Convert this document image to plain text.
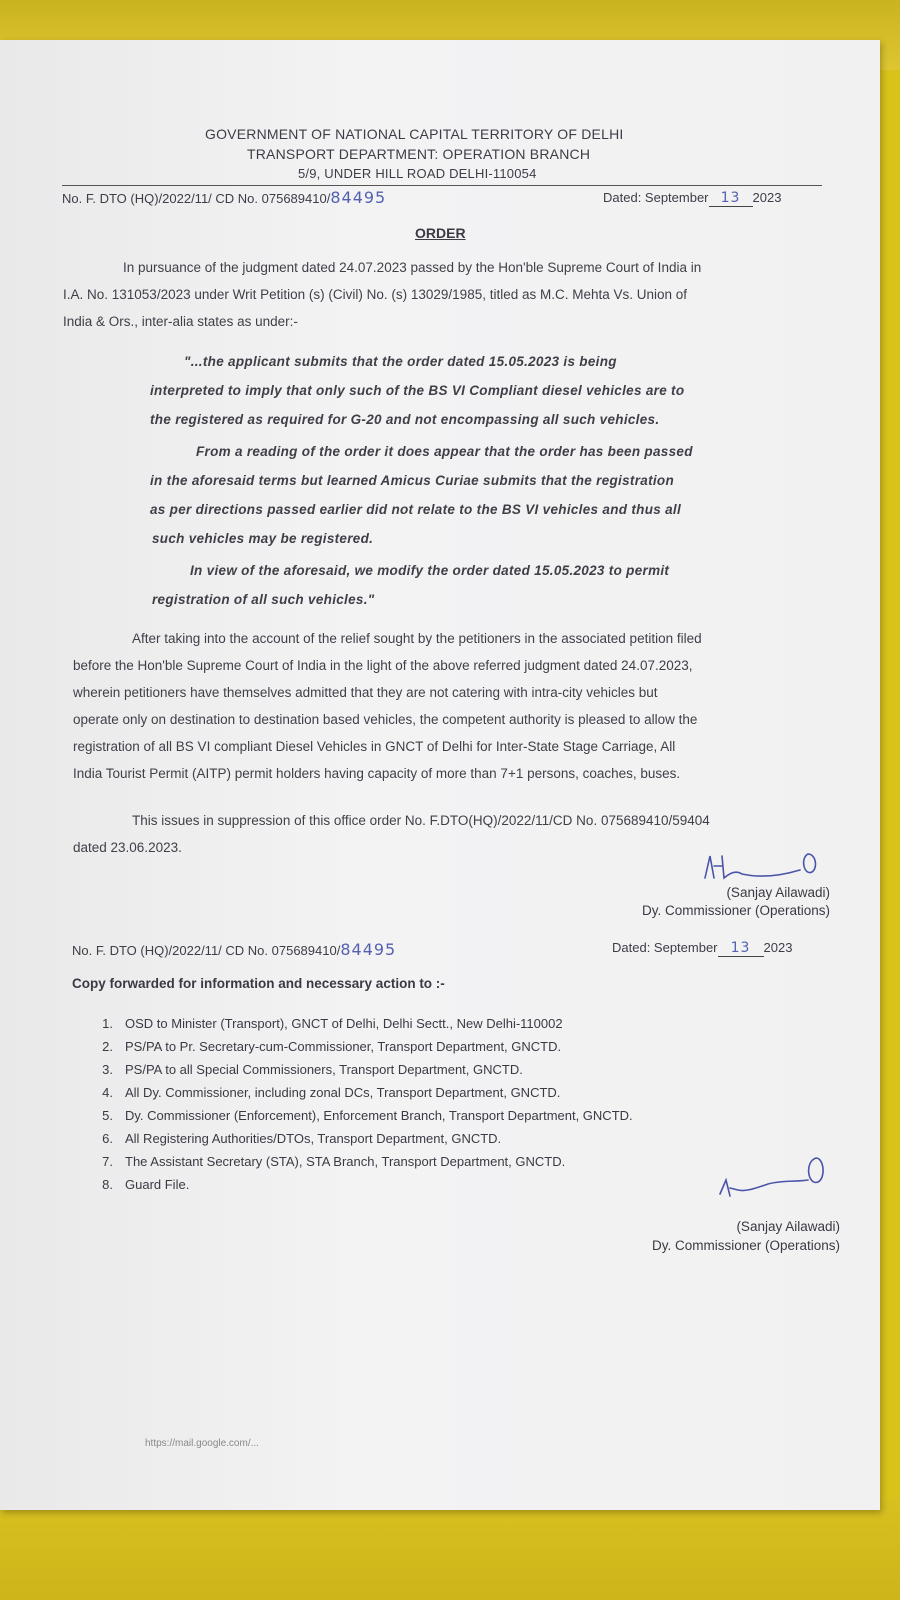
GOVERNMENT OF NATIONAL CAPITAL TERRITORY OF DELHI
TRANSPORT DEPARTMENT: OPERATION BRANCH
5/9, UNDER HILL ROAD DELHI-110054
No. F. DTO (HQ)/2022/11/ CD No. 075689410/84495	Dated: September 13 2023
ORDER
In pursuance of the judgment dated 24.07.2023 passed by the Hon'ble Supreme Court of India in
I.A. No. 131053/2023 under Writ Petition (s) (Civil) No. (s) 13029/1985, titled as M.C. Mehta Vs. Union of
India & Ors., inter-alia states as under:-
"...the applicant submits that the order dated 15.05.2023 is being
interpreted to imply that only such of the BS VI Compliant diesel vehicles are to
the registered as required for G-20 and not encompassing all such vehicles.
From a reading of the order it does appear that the order has been passed
in the aforesaid terms but learned Amicus Curiae submits that the registration
as per directions passed earlier did not relate to the BS VI vehicles and thus all
such vehicles may be registered.
In view of the aforesaid, we modify the order dated 15.05.2023 to permit
registration of all such vehicles."
After taking into the account of the relief sought by the petitioners in the associated petition filed
before the Hon'ble Supreme Court of India in the light of the above referred judgment dated 24.07.2023,
wherein petitioners have themselves admitted that they are not catering with intra-city vehicles but
operate only on destination to destination based vehicles, the competent authority is pleased to allow the
registration of all BS VI compliant Diesel Vehicles in GNCT of Delhi for Inter-State Stage Carriage, All
India Tourist Permit (AITP) permit holders having capacity of more than 7+1 persons, coaches, buses.
This issues in suppression of this office order No. F.DTO(HQ)/2022/11/CD No. 075689410/59404
dated 23.06.2023.
(Sanjay Ailawadi)
Dy. Commissioner (Operations)
No. F. DTO (HQ)/2022/11/ CD No. 075689410/84495	Dated: September 13 2023
Copy forwarded for information and necessary action to :-
1. OSD to Minister (Transport), GNCT of Delhi, Delhi Sectt., New Delhi-110002
2. PS/PA to Pr. Secretary-cum-Commissioner, Transport Department, GNCTD.
3. PS/PA to all Special Commissioners, Transport Department, GNCTD.
4. All Dy. Commissioner, including zonal DCs, Transport Department, GNCTD.
5. Dy. Commissioner (Enforcement), Enforcement Branch, Transport Department, GNCTD.
6. All Registering Authorities/DTOs, Transport Department, GNCTD.
7. The Assistant Secretary (STA), STA Branch, Transport Department, GNCTD.
8. Guard File.
(Sanjay Ailawadi)
Dy. Commissioner (Operations)
https://mail.google.com/...
